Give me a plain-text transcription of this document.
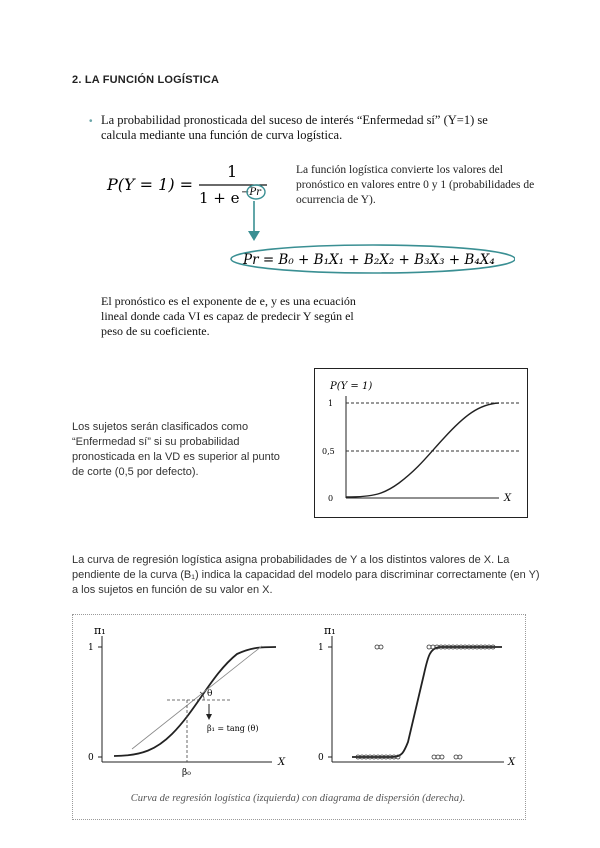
2. LA FUNCIÓN LOGÍSTICA
• La probabilidad pronosticada del suceso de interés “Enfermedad sí” (Y=1) se calcula mediante una función de curva logística.
P(Y = 1) =
1
1 + e −Pr
Pr = B₀ + B₁X₁ + B₂X₂ + B₃X₃ + B₄X₄
La función logística convierte los valores del pronóstico en valores entre 0 y 1 (probabilidades de ocurrencia de Y).
El pronóstico es el exponente de e, y es una ecuación lineal donde cada VI es capaz de predecir Y según el peso de su coeficiente.
Los sujetos serán clasificados como “Enfermedad sí” si su probabilidad pronosticada en la VD es superior al punto de corte (0,5 por defecto).
P(Y = 1)
1
0,5
0	X
La curva de regresión logística asigna probabilidades de Y a los distintos valores de X. La pendiente de la curva (B₁) indica la capacidad del modelo para discriminar correctamente (en Y) a los sujetos en función de su valor en X.
π₁
1
0
θ
β₁ = tang (θ)
β₀
X
π₁
1
0	X
Curva de regresión logística (izquierda) con diagrama de dispersión (derecha).
